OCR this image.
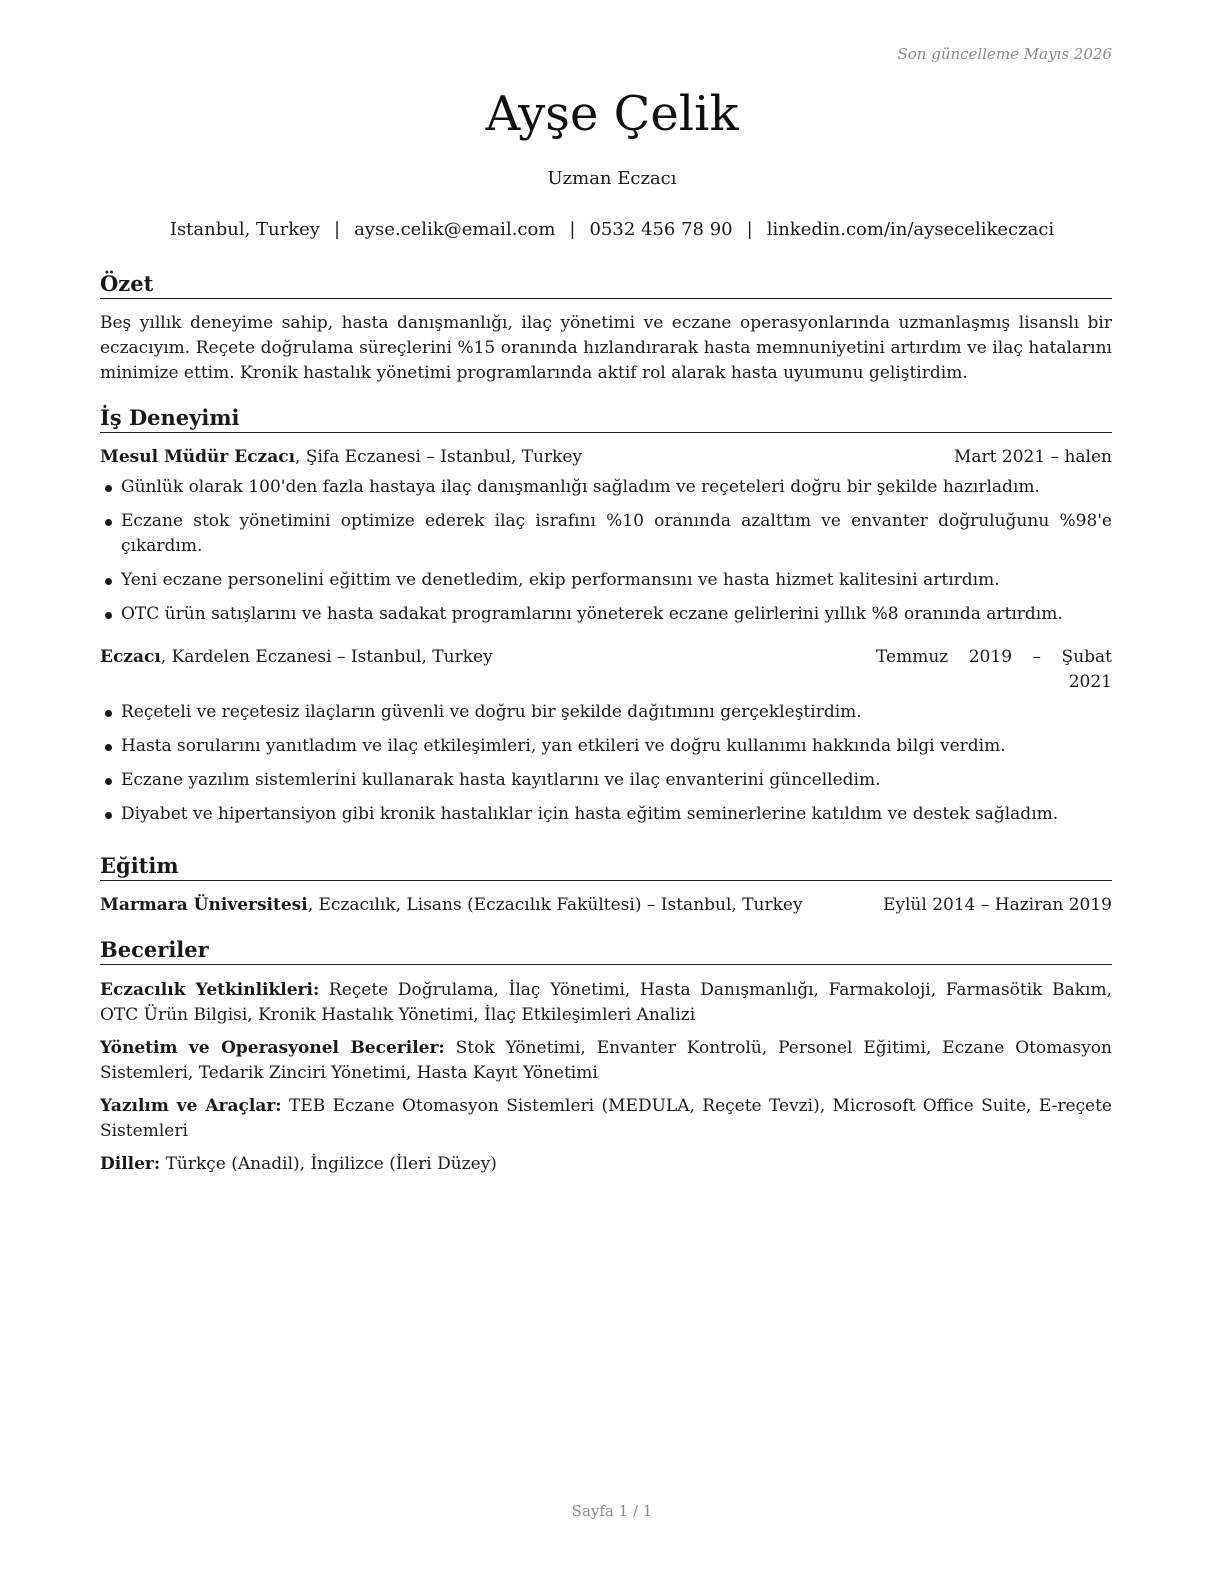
Son güncelleme Mayıs 2026
Ayşe Çelik
Uzman Eczacı
Istanbul, Turkey | ayse.celik@email.com | 0532 456 78 90 | linkedin.com/in/aysecelikeczaci
Özet

Beş yıllık deneyime sahip, hasta danışmanlığı, ilaç yönetimi ve eczane operasyonlarında uzmanlaşmış lisanslı bir eczacıyım. Reçete doğrulama süreçlerini %15 oranında hızlandırarak hasta memnuniyetini artırdım ve ilaç hatalarını minimize ettim. Kronik hastalık yönetimi programlarında aktif rol alarak hasta uyumunu geliştirdim.

İş Deneyimi
Mesul Müdür Eczacı, Şifa Eczanesi – Istanbul, Turkey	Mart 2021 – halen
Günlük olarak 100'den fazla hastaya ilaç danışmanlığı sağladım ve reçeteleri doğru bir şekilde hazırladım.
Eczane stok yönetimini optimize ederek ilaç israfını %10 oranında azalttım ve envanter doğruluğunu %98'e çıkardım.
Yeni eczane personelini eğittim ve denetledim, ekip performansını ve hasta hizmet kalitesini artırdım.
OTC ürün satışlarını ve hasta sadakat programlarını yöneterek eczane gelirlerini yıllık %8 oranında artırdım.
Eczacı, Kardelen Eczanesi – Istanbul, Turkey	Temmuz 2019 – Şubat 2021
Reçeteli ve reçetesiz ilaçların güvenli ve doğru bir şekilde dağıtımını gerçekleştirdim.
Hasta sorularını yanıtladım ve ilaç etkileşimleri, yan etkileri ve doğru kullanımı hakkında bilgi verdim.
Eczane yazılım sistemlerini kullanarak hasta kayıtlarını ve ilaç envanterini güncelledim.
Diyabet ve hipertansiyon gibi kronik hastalıklar için hasta eğitim seminerlerine katıldım ve destek sağladım.
Eğitim
Marmara Üniversitesi, Eczacılık, Lisans (Eczacılık Fakültesi) – Istanbul, Turkey	Eylül 2014 – Haziran 2019
Beceriler

Eczacılık Yetkinlikleri: Reçete Doğrulama, İlaç Yönetimi, Hasta Danışmanlığı, Farmakoloji, Farmasötik Bakım, OTC Ürün Bilgisi, Kronik Hastalık Yönetimi, İlaç Etkileşimleri Analizi

Yönetim ve Operasyonel Beceriler: Stok Yönetimi, Envanter Kontrolü, Personel Eğitimi, Eczane Otomasyon Sistemleri, Tedarik Zinciri Yönetimi, Hasta Kayıt Yönetimi

Yazılım ve Araçlar: TEB Eczane Otomasyon Sistemleri (MEDULA, Reçete Tevzi), Microsoft Office Suite, E-reçete Sistemleri

Diller: Türkçe (Anadil), İngilizce (İleri Düzey)

Sayfa 1 / 1
